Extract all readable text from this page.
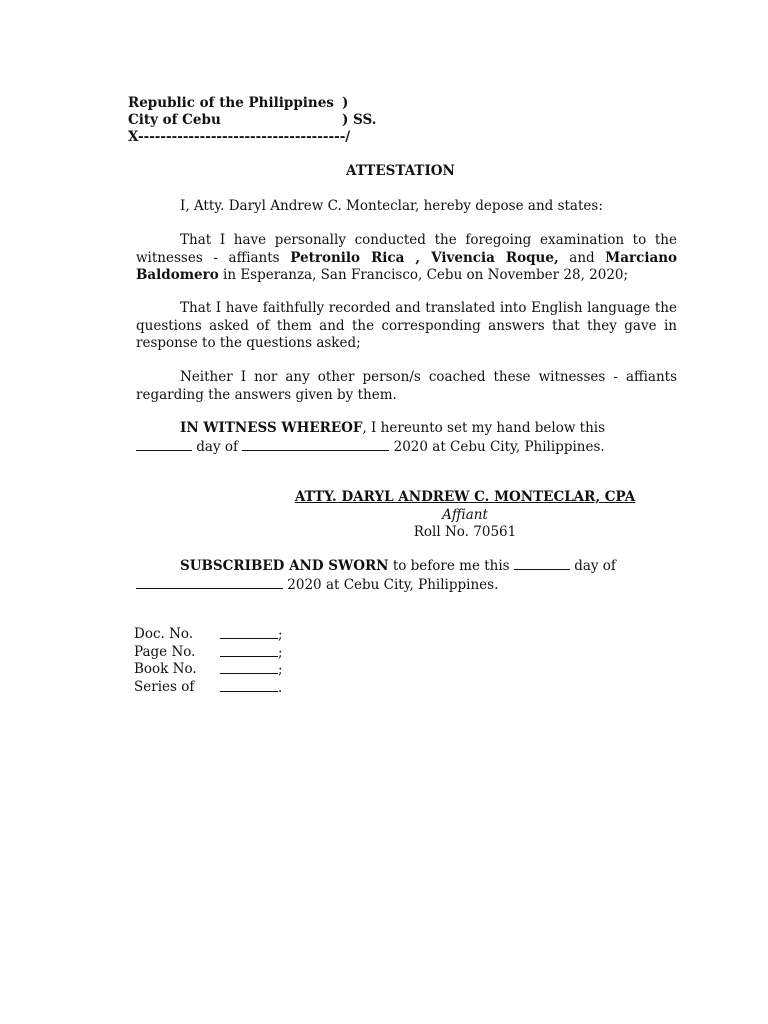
Republic of the Philippines )
City of Cebu	) SS.
X-------------------------------------/
ATTESTATION
I, Atty. Daryl Andrew C. Monteclar, hereby depose and states:
That I have personally conducted the foregoing examination to the witnesses - affiants Petronilo Rica , Vivencia Roque, and Marciano Baldomero in Esperanza, San Francisco, Cebu on November 28, 2020;
That I have faithfully recorded and translated into English language the questions asked of them and the corresponding answers that they gave in response to the questions asked;
Neither I nor any other person/s coached these witnesses - affiants regarding the answers given by them.
IN WITNESS WHEREOF, I hereunto set my hand below this
day of	2020 at Cebu City, Philippines.
ATTY. DARYL ANDREW C. MONTECLAR, CPA
Affiant
Roll No. 70561
SUBSCRIBED AND SWORN to before me this	day of
2020 at Cebu City, Philippines.
Doc. No.	;
Page No.	;
Book No.	;
Series of	.
